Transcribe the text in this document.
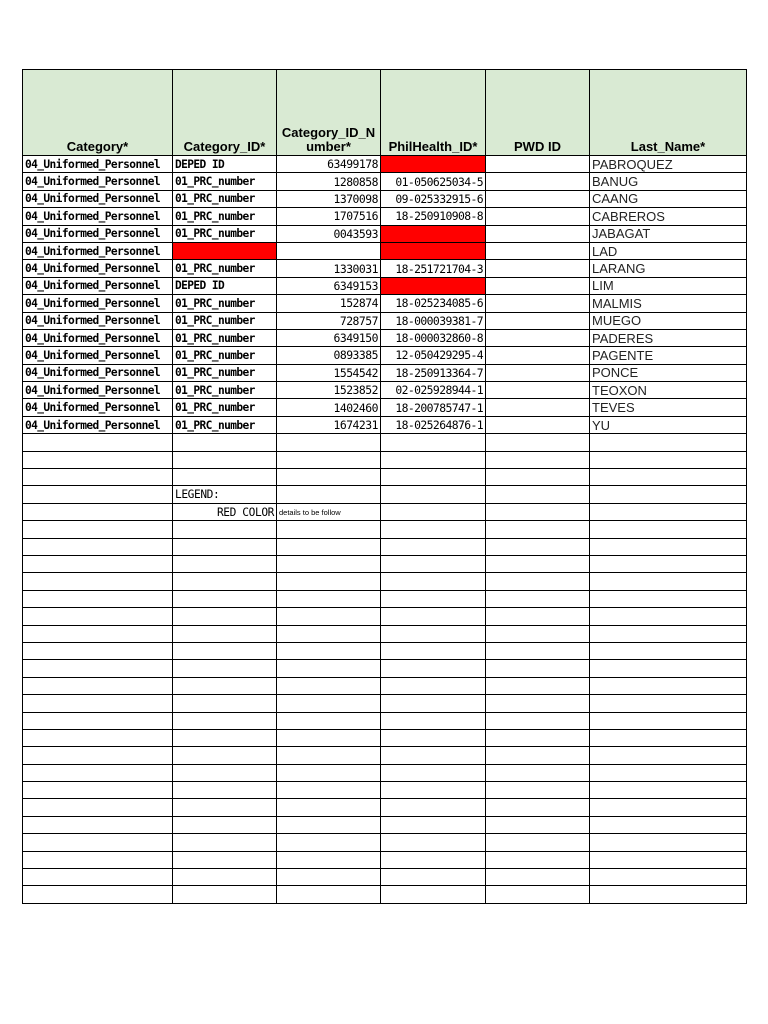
Category*	Category_ID*	Category_ID_N umber*	PhilHealth_ID*	PWD ID	Last_Name*
04_Uniformed_Personnel	DEPED ID	63499178			PABROQUEZ
04_Uniformed_Personnel	01_PRC_number	1280858	01-050625034-5		BANUG
04_Uniformed_Personnel	01_PRC_number	1370098	09-025332915-6		CAANG
04_Uniformed_Personnel	01_PRC_number	1707516	18-250910908-8		CABREROS
04_Uniformed_Personnel	01_PRC_number	0043593			JABAGAT
04_Uniformed_Personnel					LAD
04_Uniformed_Personnel	01_PRC_number	1330031	18-251721704-3		LARANG
04_Uniformed_Personnel	DEPED ID	6349153			LIM
04_Uniformed_Personnel	01_PRC_number	152874	18-025234085-6		MALMIS
04_Uniformed_Personnel	01_PRC_number	728757	18-000039381-7		MUEGO
04_Uniformed_Personnel	01_PRC_number	6349150	18-000032860-8		PADERES
04_Uniformed_Personnel	01_PRC_number	0893385	12-050429295-4		PAGENTE
04_Uniformed_Personnel	01_PRC_number	1554542	18-250913364-7		PONCE
04_Uniformed_Personnel	01_PRC_number	1523852	02-025928944-1		TEOXON
04_Uniformed_Personnel	01_PRC_number	1402460	18-200785747-1		TEVES
04_Uniformed_Personnel	01_PRC_number	1674231	18-025264876-1		YU

	LEGEND:				
	RED COLOR	details to be follow			
